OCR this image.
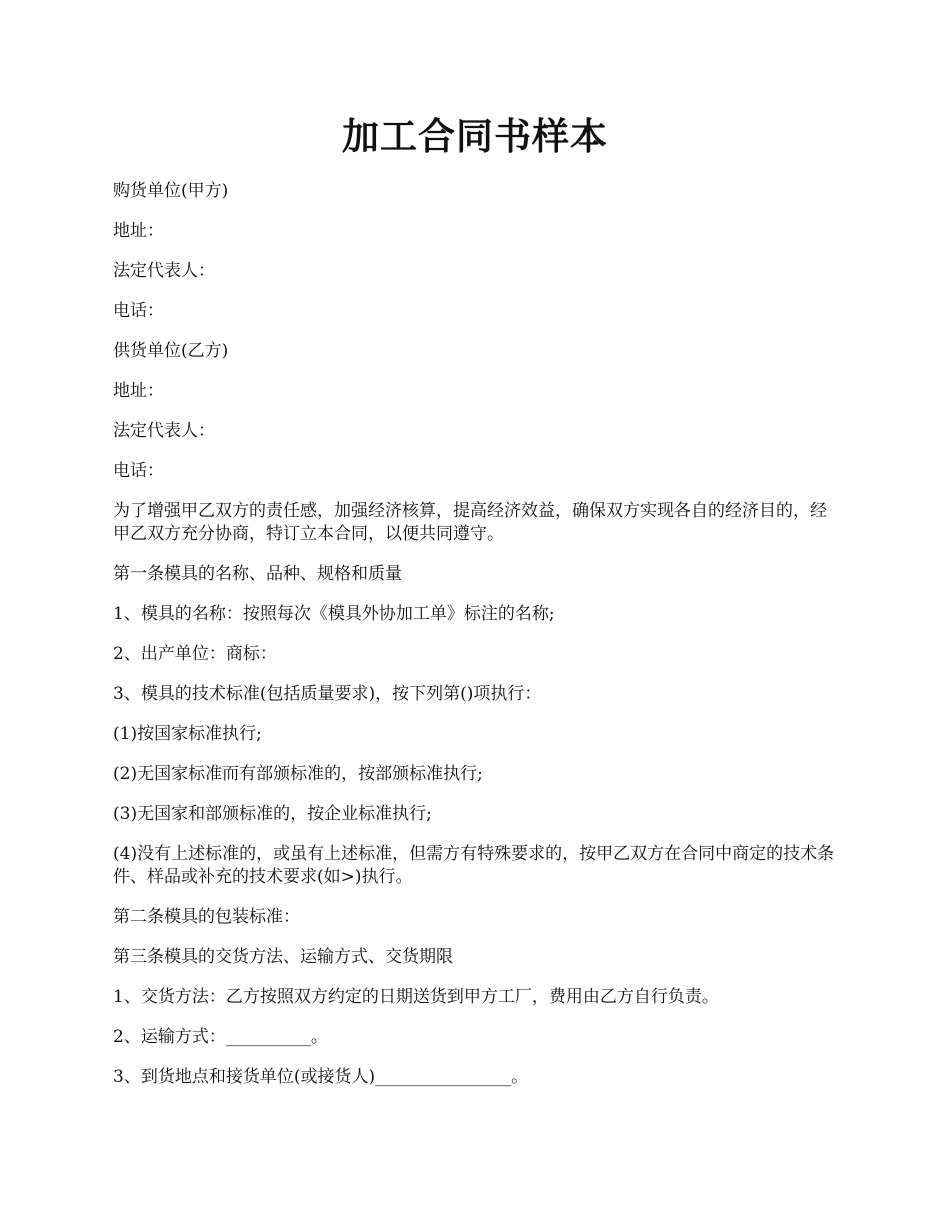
加工合同书样本

购货单位(甲方)

地址：

法定代表人：

电话：

供货单位(乙方)

地址：

法定代表人：

电话：

为了增强甲乙双方的责任感，加强经济核算，提高经济效益，确保双方实现各自的经济目的，经甲乙双方充分协商，特订立本合同，以便共同遵守。

第一条模具的名称、品种、规格和质量

1、模具的名称：按照每次《模具外协加工单》标注的名称;

2、出产单位：商标：

3、模具的技术标准(包括质量要求)，按下列第()项执行：

(1)按国家标准执行;

(2)无国家标准而有部颁标准的，按部颁标准执行;

(3)无国家和部颁标准的，按企业标准执行;

(4)没有上述标准的，或虽有上述标准，但需方有特殊要求的，按甲乙双方在合同中商定的技术条件、样品或补充的技术要求(如>)执行。

第二条模具的包装标准：

第三条模具的交货方法、运输方式、交货期限

1、交货方法：乙方按照双方约定的日期送货到甲方工厂，费用由乙方自行负责。

2、运输方式：__________。

3、到货地点和接货单位(或接货人)________________。
